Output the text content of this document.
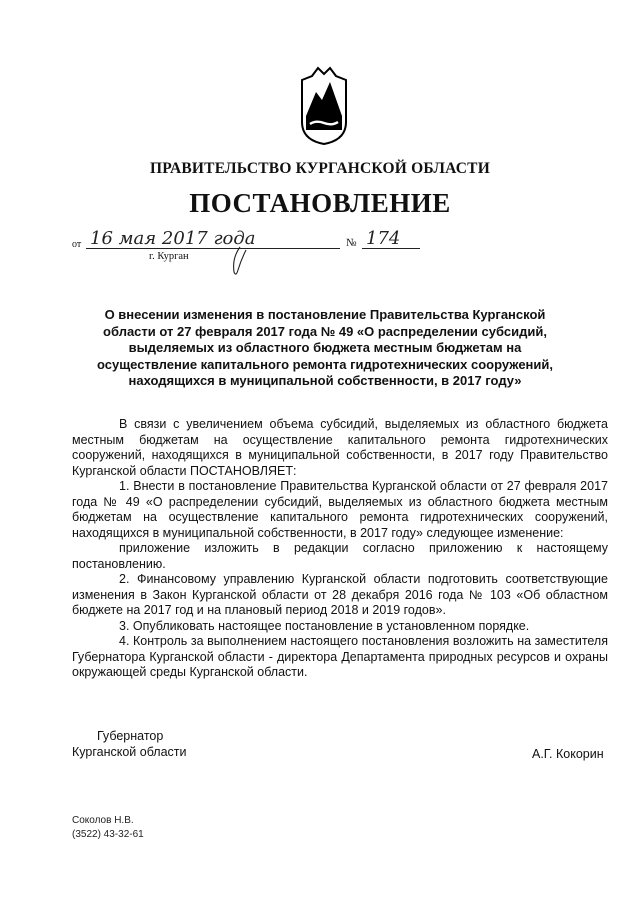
ПРАВИТЕЛЬСТВО КУРГАНСКОЙ ОБЛАСТИ
ПОСТАНОВЛЕНИЕ
от 16 мая 2017 года	№ 174
г. Курган
О внесении изменения в постановление Правительства Курганской области от 27 февраля 2017 года № 49 «О распределении субсидий, выделяемых из областного бюджета местным бюджетам на осуществление капитального ремонта гидротехнических сооружений, находящихся в муниципальной собственности, в 2017 году»

В связи с увеличением объема субсидий, выделяемых из областного бюджета местным бюджетам на осуществление капитального ремонта гидротехнических сооружений, находящихся в муниципальной собственности, в 2017 году Правительство Курганской области ПОСТАНОВЛЯЕТ:

1. Внести в постановление Правительства Курганской области от 27 февраля 2017 года № 49 «О распределении субсидий, выделяемых из областного бюджета местным бюджетам на осуществление капитального ремонта гидротехнических сооружений, находящихся в муниципальной собственности, в 2017 году» следующее изменение:

приложение изложить в редакции согласно приложению к настоящему постановлению.

2. Финансовому управлению Курганской области подготовить соответствующие изменения в Закон Курганской области от 28 декабря 2016 года № 103 «Об областном бюджете на 2017 год и на плановый период 2018 и 2019 годов».

3. Опубликовать настоящее постановление в установленном порядке.

4. Контроль за выполнением настоящего постановления возложить на заместителя Губернатора Курганской области - директора Департамента природных ресурсов и охраны окружающей среды Курганской области.

Губернатор
Курганской области	А.Г. Кокорин
Соколов Н.В.
(3522) 43-32-61
